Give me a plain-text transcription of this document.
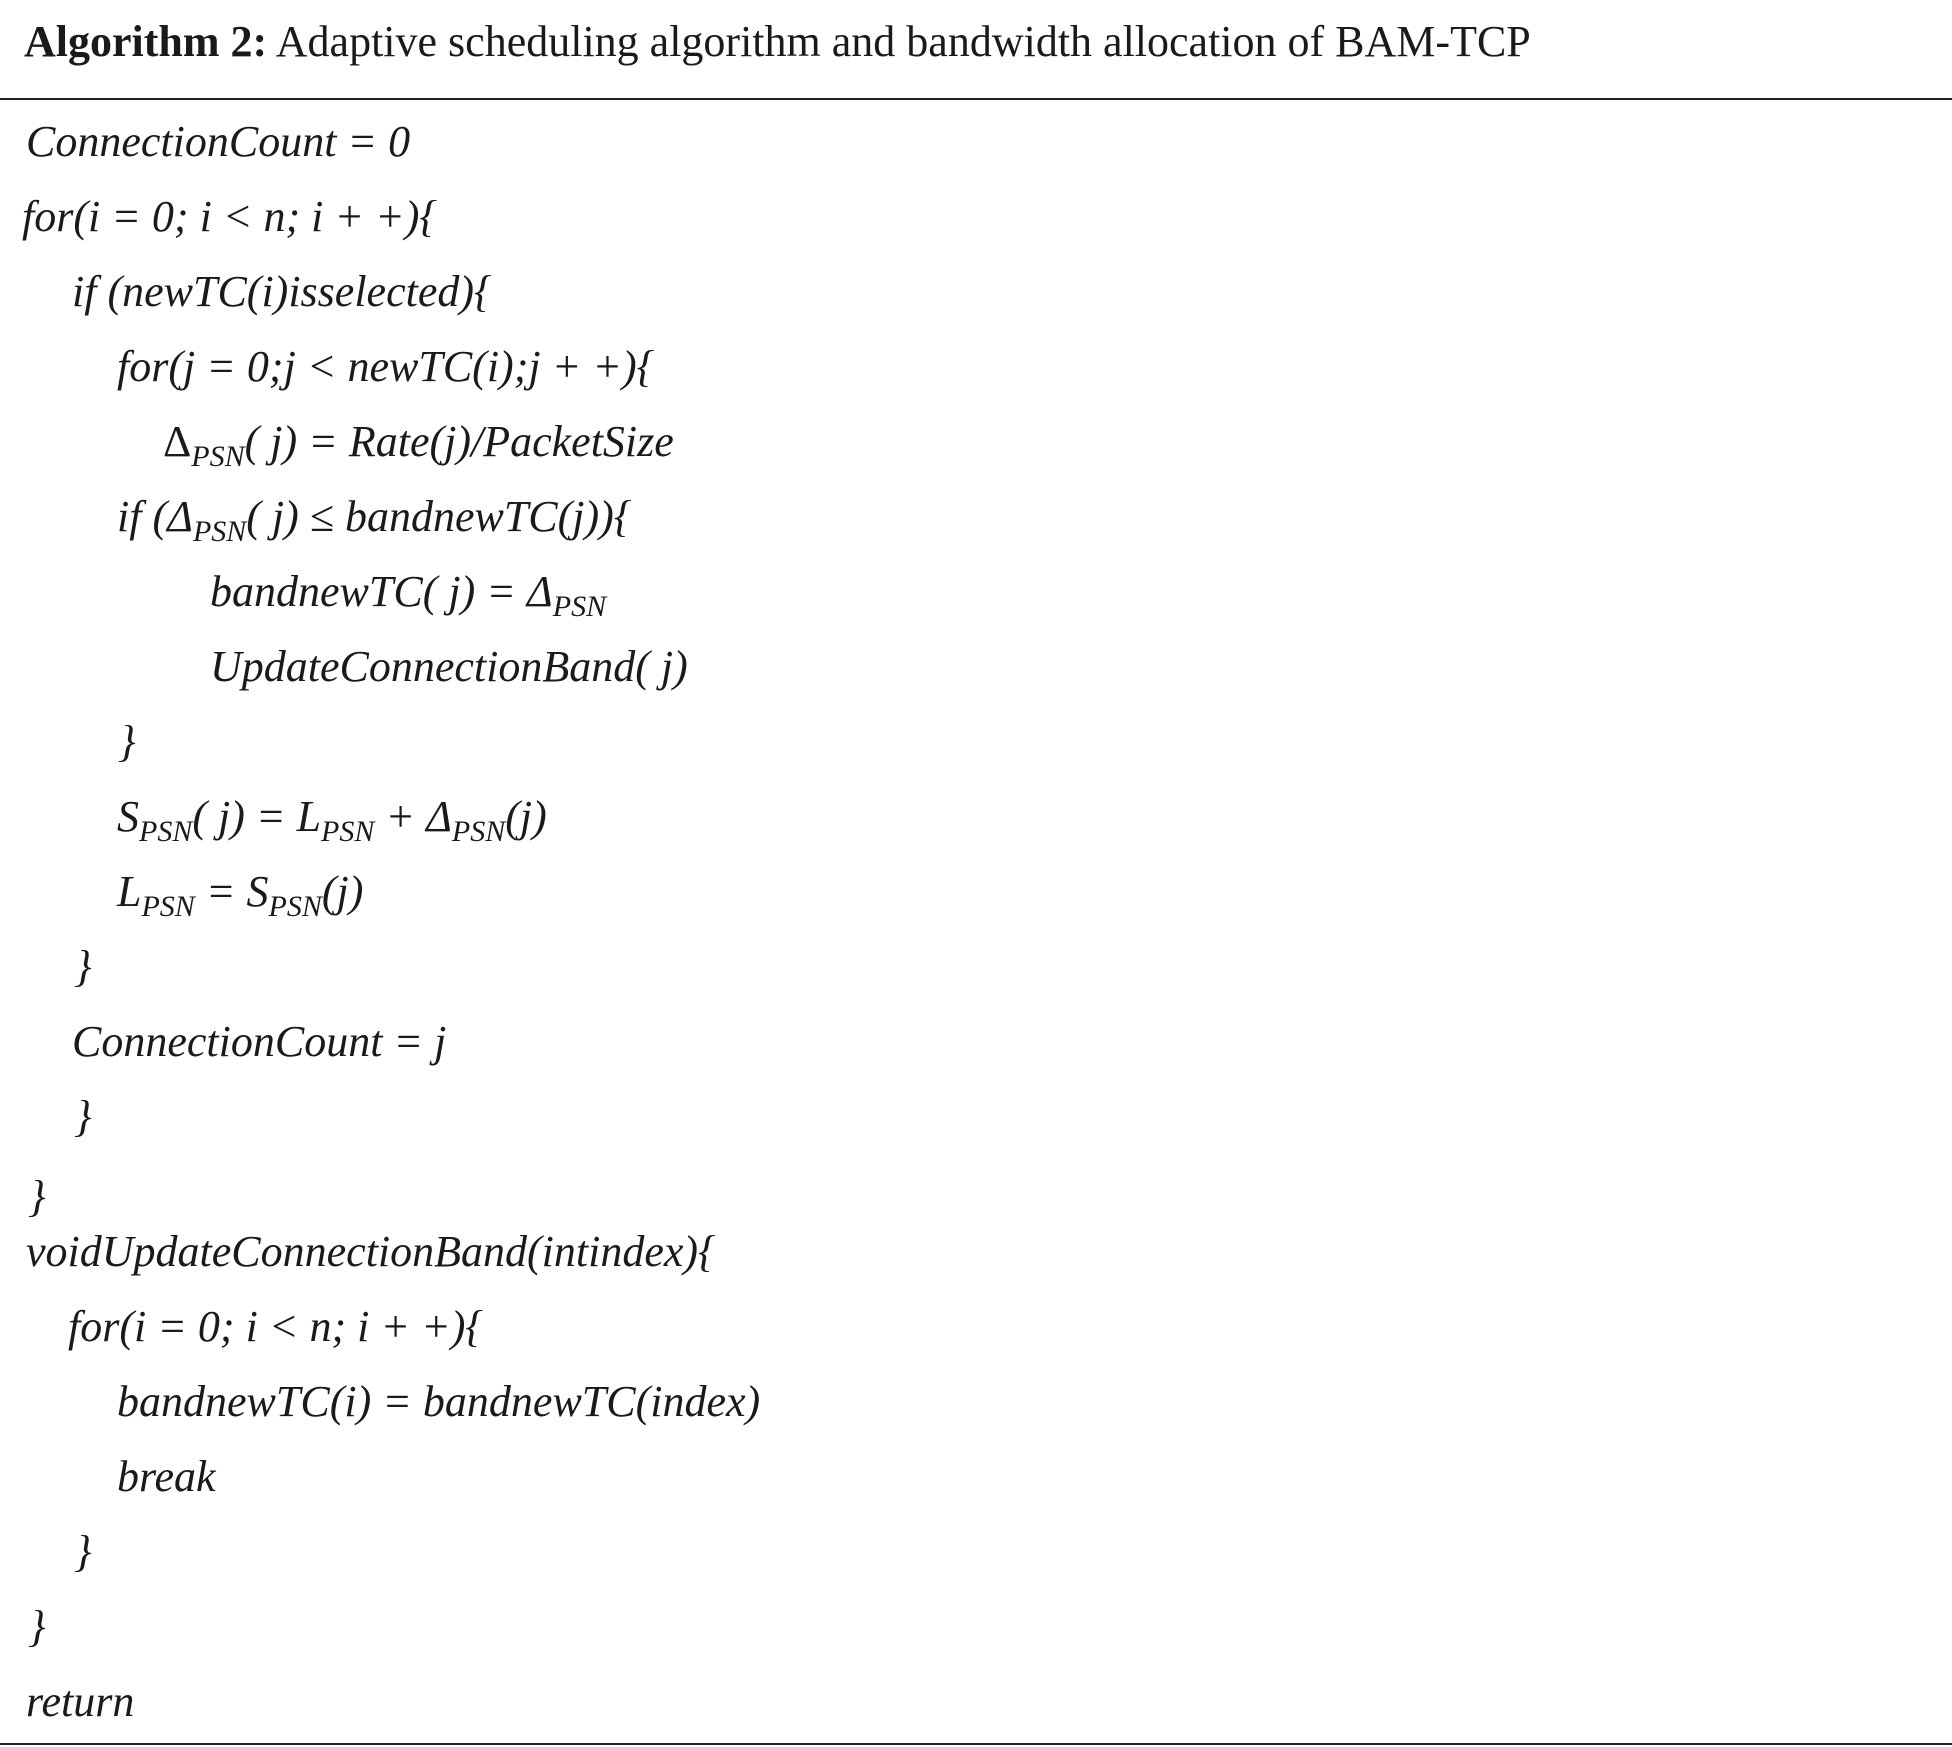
Algorithm 2: Adaptive scheduling algorithm and bandwidth allocation of BAM-TCP
ConnectionCount = 0
for(i = 0; i < n; i + +){
if (newTC(i)isselected){
for(j = 0;j < newTC(i);j + +){
$\Delta_{PSN}$( j) = Rate(j)/PacketSize
if ($\Delta_{PSN}$( j) ≤ bandnewTC(j)){
bandnewTC( $j) = \Delta_{PSN}$
UpdateConnectionBand( j)
}
$S_{PSN}$( $j) = L_{PSN} + \Delta_{PSN}(j)$
$L_{PSN} = S_{PSN}(j)$
}
ConnectionCount = j
}
}
voidUpdateConnectionBand(intindex){
for(i = 0; i < n; i + +){
bandnewTC(i) = bandnewTC(index)
break
}
}
return
